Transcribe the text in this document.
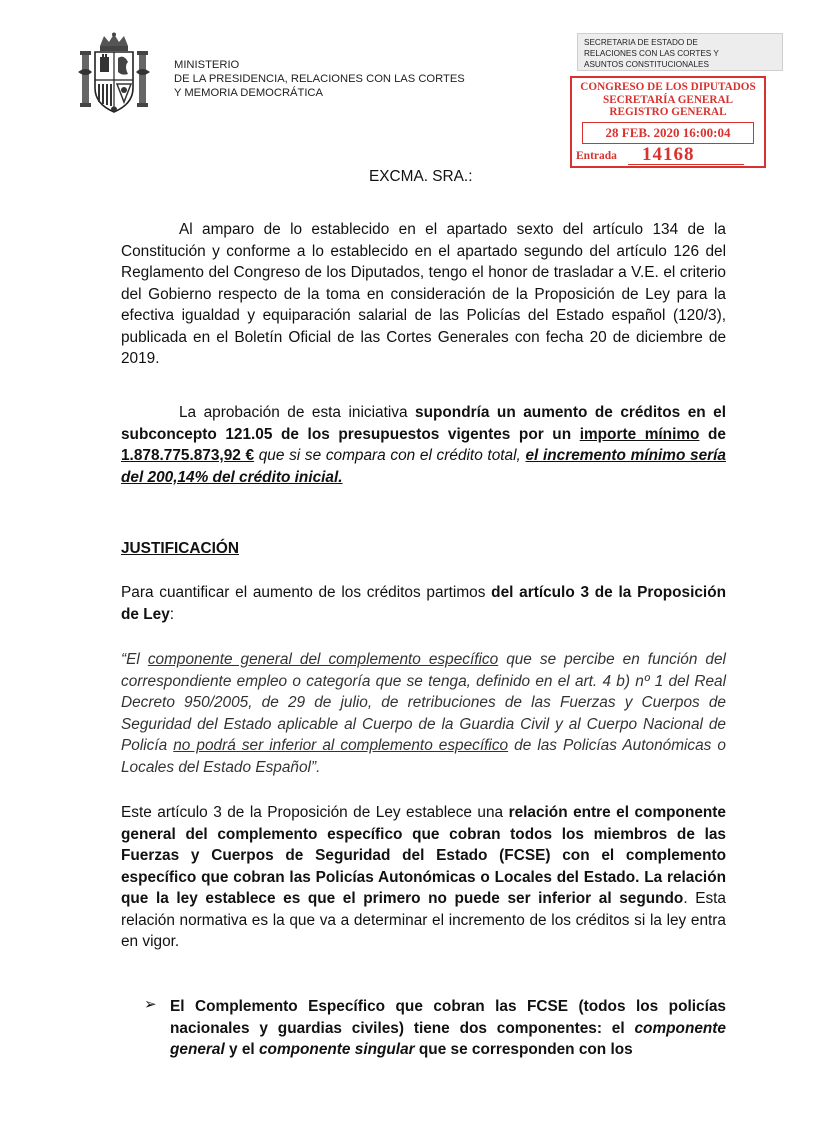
MINISTERIO
DE LA PRESIDENCIA, RELACIONES CON LAS CORTES
Y MEMORIA DEMOCRÁTICA
SECRETARIA DE ESTADO DE
RELACIONES CON LAS CORTES Y
ASUNTOS CONSTITUCIONALES
CONGRESO DE LOS DIPUTADOS
SECRETARÍA GENERAL
REGISTRO GENERAL
28 FEB. 2020 16:00:04
Entrada 14168
EXCMA. SRA.:

Al amparo de lo establecido en el apartado sexto del artículo 134 de la Constitución y conforme a lo establecido en el apartado segundo del artículo 126 del Reglamento del Congreso de los Diputados, tengo el honor de trasladar a V.E. el criterio del Gobierno respecto de la toma en consideración de la Proposición de Ley para la efectiva igualdad y equiparación salarial de las Policías del Estado español (120/3), publicada en el Boletín Oficial de las Cortes Generales con fecha 20 de diciembre de 2019.

La aprobación de esta iniciativa supondría un aumento de créditos en el subconcepto 121.05 de los presupuestos vigentes por un importe mínimo de 1.878.775.873,92 € que si se compara con el crédito total, el incremento mínimo sería del 200,14% del crédito inicial.

JUSTIFICACIÓN

Para cuantificar el aumento de los créditos partimos del artículo 3 de la Proposición de Ley:

“El componente general del complemento específico que se percibe en función del correspondiente empleo o categoría que se tenga, definido en el art. 4 b) nº 1 del Real Decreto 950/2005, de 29 de julio, de retribuciones de las Fuerzas y Cuerpos de Seguridad del Estado aplicable al Cuerpo de la Guardia Civil y al Cuerpo Nacional de Policía no podrá ser inferior al complemento específico de las Policías Autonómicas o Locales del Estado Español”.

Este artículo 3 de la Proposición de Ley establece una relación entre el componente general del complemento específico que cobran todos los miembros de las Fuerzas y Cuerpos de Seguridad del Estado (FCSE) con el complemento específico que cobran las Policías Autonómicas o Locales del Estado. La relación que la ley establece es que el primero no puede ser inferior al segundo. Esta relación normativa es la que va a determinar el incremento de los créditos si la ley entra en vigor.

➢ El Complemento Específico que cobran las FCSE (todos los policías nacionales y guardias civiles) tiene dos componentes: el componente general y el componente singular que se corresponden con los
